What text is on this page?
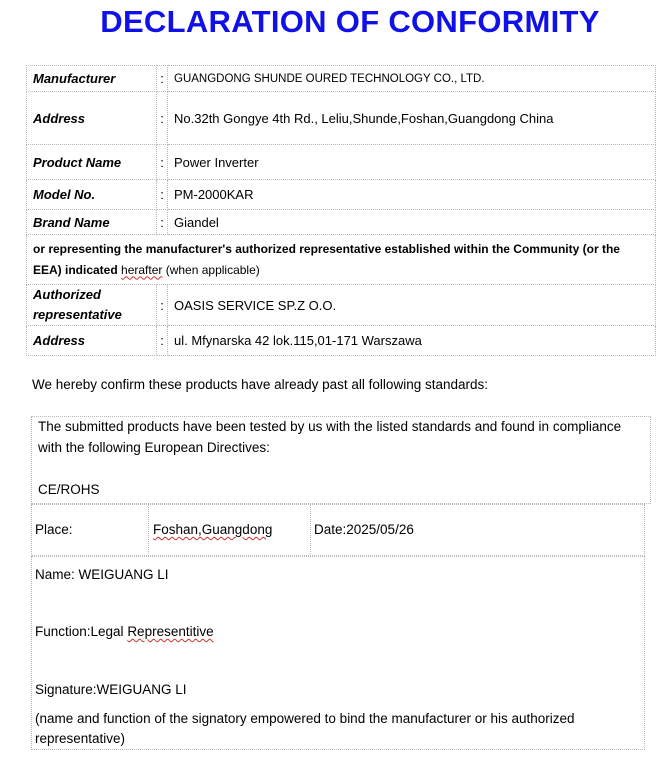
DECLARATION OF CONFORMITY
Manufacturer	:	GUANGDONG SHUNDE OURED TECHNOLOGY CO., LTD.
Address	:	No.32th Gongye 4th Rd., Leliu,Shunde,Foshan,Guangdong China
Product Name	:	Power Inverter
Model No.	:	PM-2000KAR
Brand Name	:	Giandel
or representing the manufacturer's authorized representative established within the Community (or the EEA) indicated herafter (when applicable)		
Authorized
representative	:	OASIS SERVICE SP.Z O.O.
Address	:	ul. Mfynarska 42 lok.115,01-171 Warszawa
We hereby confirm these products have already past all following standards:
The submitted products have been tested by us with the listed standards and found in compliance
with the following European Directives:
CE/ROHS
Place:	Foshan,Guangdong	Date:2025/05/26
Name: WEIGUANG LI
Function:Legal Representitive
Signature:WEIGUANG LI
(name and function of the signatory empowered to bind the manufacturer or his authorized
representative)
